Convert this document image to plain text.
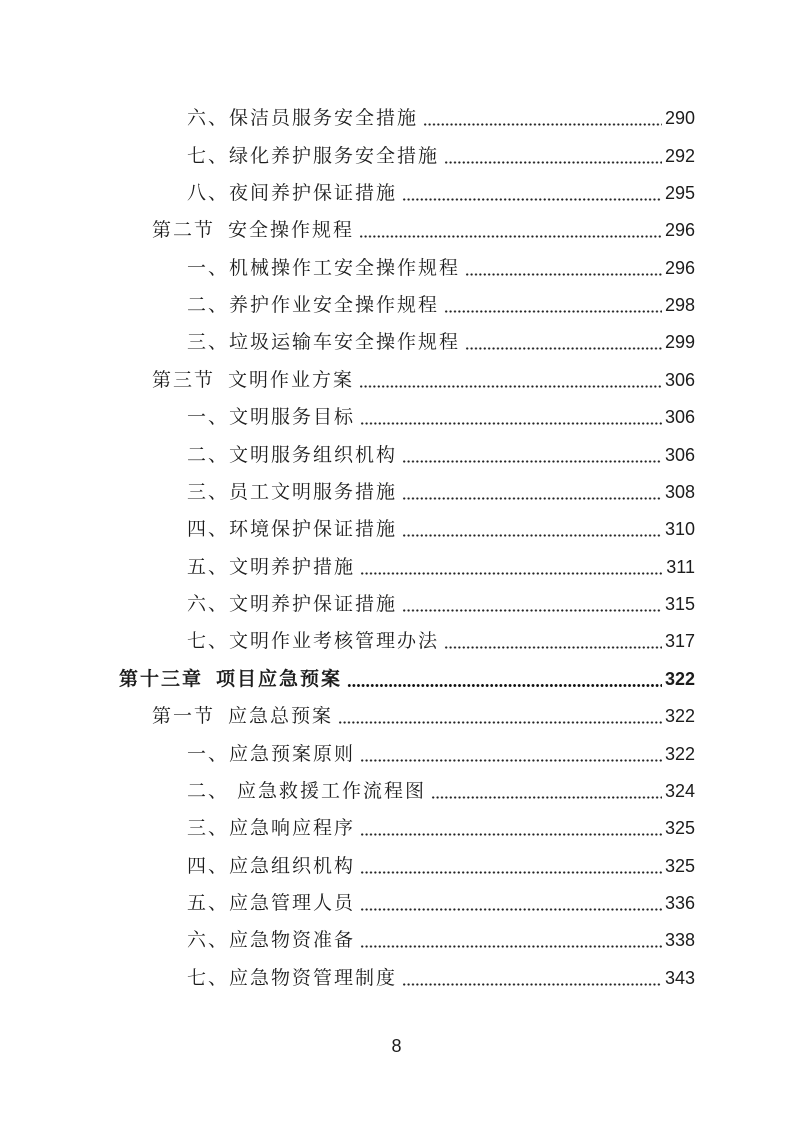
六、保洁员服务安全措施	290
七、绿化养护服务安全措施	292
八、夜间养护保证措施	295
第二节 安全操作规程	296
一、机械操作工安全操作规程	296
二、养护作业安全操作规程	298
三、垃圾运输车安全操作规程	299
第三节 文明作业方案	306
一、文明服务目标	306
二、文明服务组织机构	306
三、员工文明服务措施	308
四、环境保护保证措施	310
五、文明养护措施	311
六、文明养护保证措施	315
七、文明作业考核管理办法	317
第十三章 项目应急预案	322
第一节 应急总预案	322
一、应急预案原则	322
二、 应急救援工作流程图	324
三、应急响应程序	325
四、应急组织机构	325
五、应急管理人员	336
六、应急物资准备	338
七、应急物资管理制度	343
8
